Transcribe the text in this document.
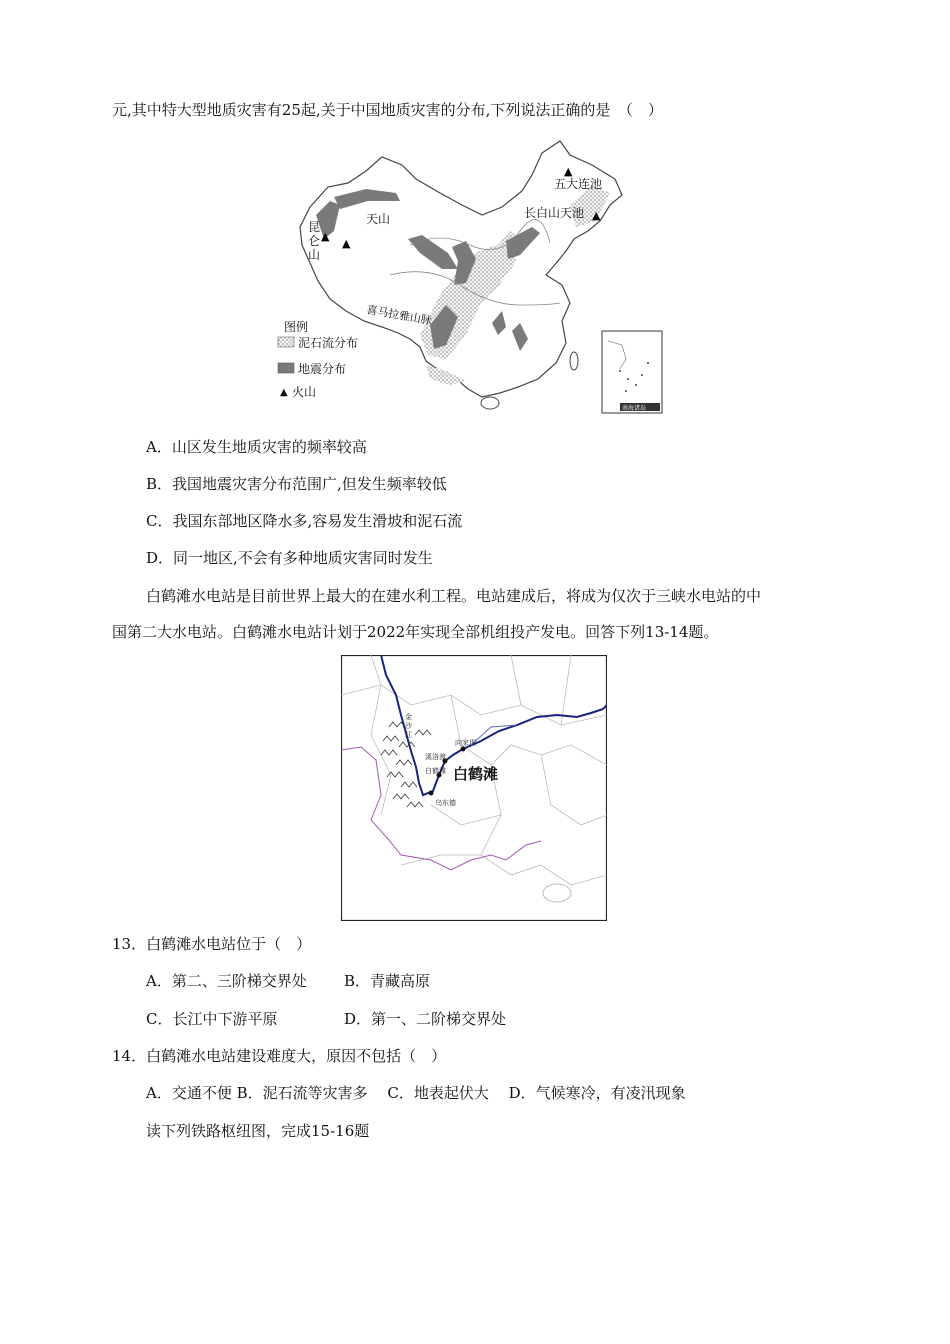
元,其中特大型地质灾害有25起,关于中国地质灾害的分布,下列说法正确的是　（　）
▲
▲
▲
▲
五大连池
长白山天池
天山
昆
仑
山
喜马拉雅山脉
图例
泥石流分布
地震分布
▲ 火山
南海诸岛
A．山区发生地质灾害的频率较高
B．我国地震灾害分布范围广,但发生频率较低
C．我国东部地区降水多,容易发生滑坡和泥石流
D．同一地区,不会有多种地质灾害同时发生
白鹤滩水电站是目前世界上最大的在建水利工程。电站建成后，将成为仅次于三峡水电站的中
国第二大水电站。白鹤滩水电站计划于2022年实现全部机组投产发电。回答下列13-14题。
金
沙
江
向家坝
溪洛渡
白鹤滩
乌东德
白鹤滩
13．白鹤滩水电站位于（　）
A．第二、三阶梯交界处 B．青藏高原
C．长江中下游平原	D．第一、二阶梯交界处
14．白鹤滩水电站建设难度大，原因不包括（　）
A．交通不便 B．泥石流等灾害多　 C．地表起伏大　 D．气候寒冷，有凌汛现象
读下列铁路枢纽图，完成15-16题
